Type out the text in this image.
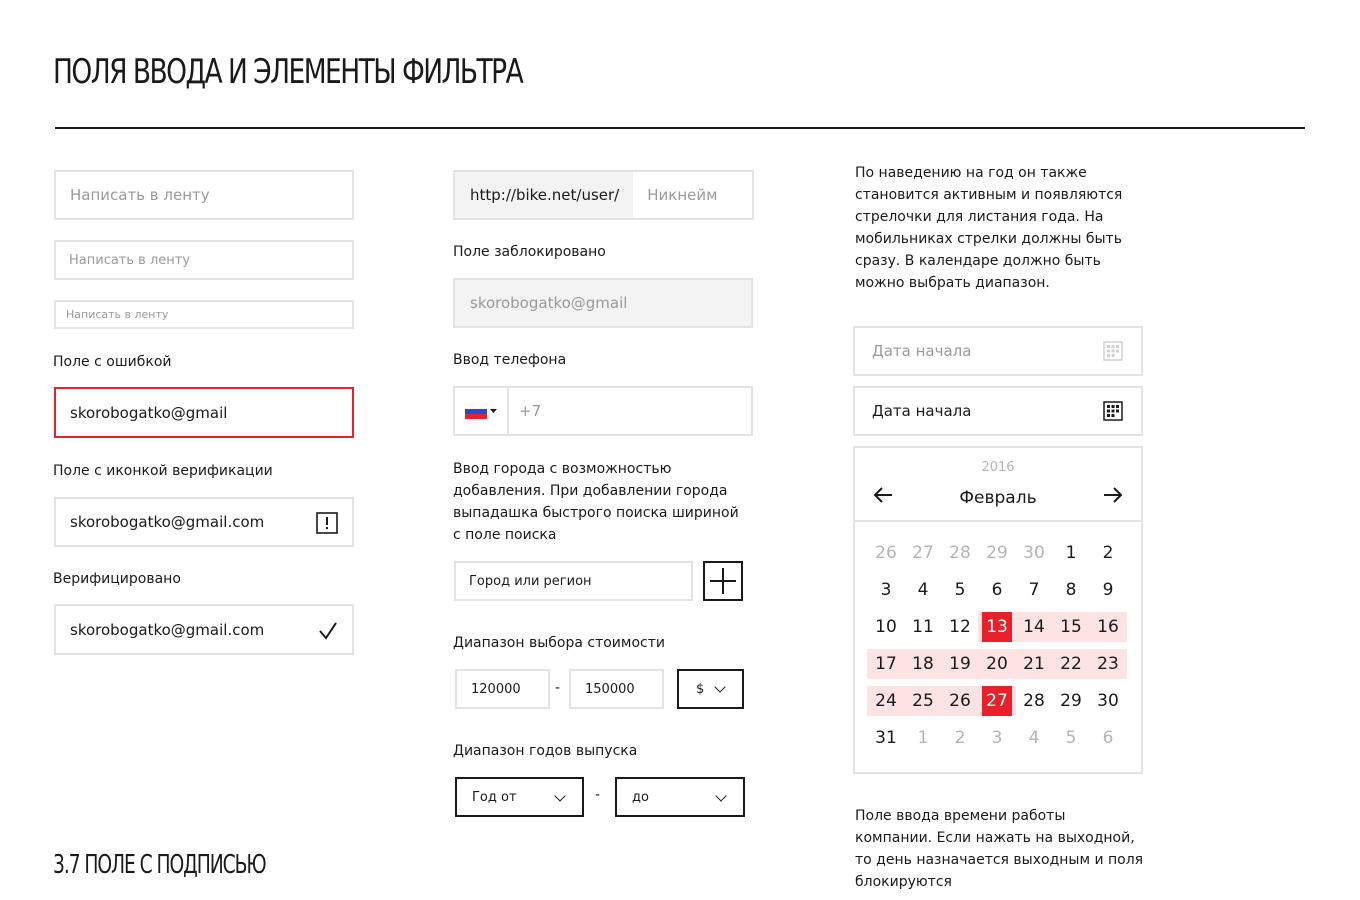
ПОЛЯ ВВОДА И ЭЛЕМЕНТЫ ФИЛЬТРА
Написать в ленту
Написать в ленту
Написать в ленту
Поле с ошибкой
skorobogatko@gmail
Поле с иконкой верификации
skorobogatko@gmail.com
Верифицировано
skorobogatko@gmail.com
http://bike.net/user/	Никнейм
Поле заблокировано
skorobogatko@gmail
Ввод телефона
+7
Ввод города с возможностью добавления. При добавлении города выпадашка быстрого поиска шириной с поле поиска
Город или регион
Диапазон выбора стоимости
120000 - 150000	$
Диапазон годов выпуска
Год от	- до
По наведению на год он также становится активным и появляются стрелочки для листания года. На мобильниках стрелки должны быть сразу. В календаре должно быть можно выбрать диапазон.
Дата начала
Дата начала
2016
Февраль
26 27 28 29 30	1	2
3	4	5	6	7	8	9
10 11 12 13 14 15 16
17 18 19 20 21 22 23
24 25 26 27 28 29 30
31	1	2	3	4	5	6
Поле ввода времени работы компании. Если нажать на выходной, то день назначается выходным и поля блокируются
3.7 ПОЛЕ С ПОДПИСЬЮ
